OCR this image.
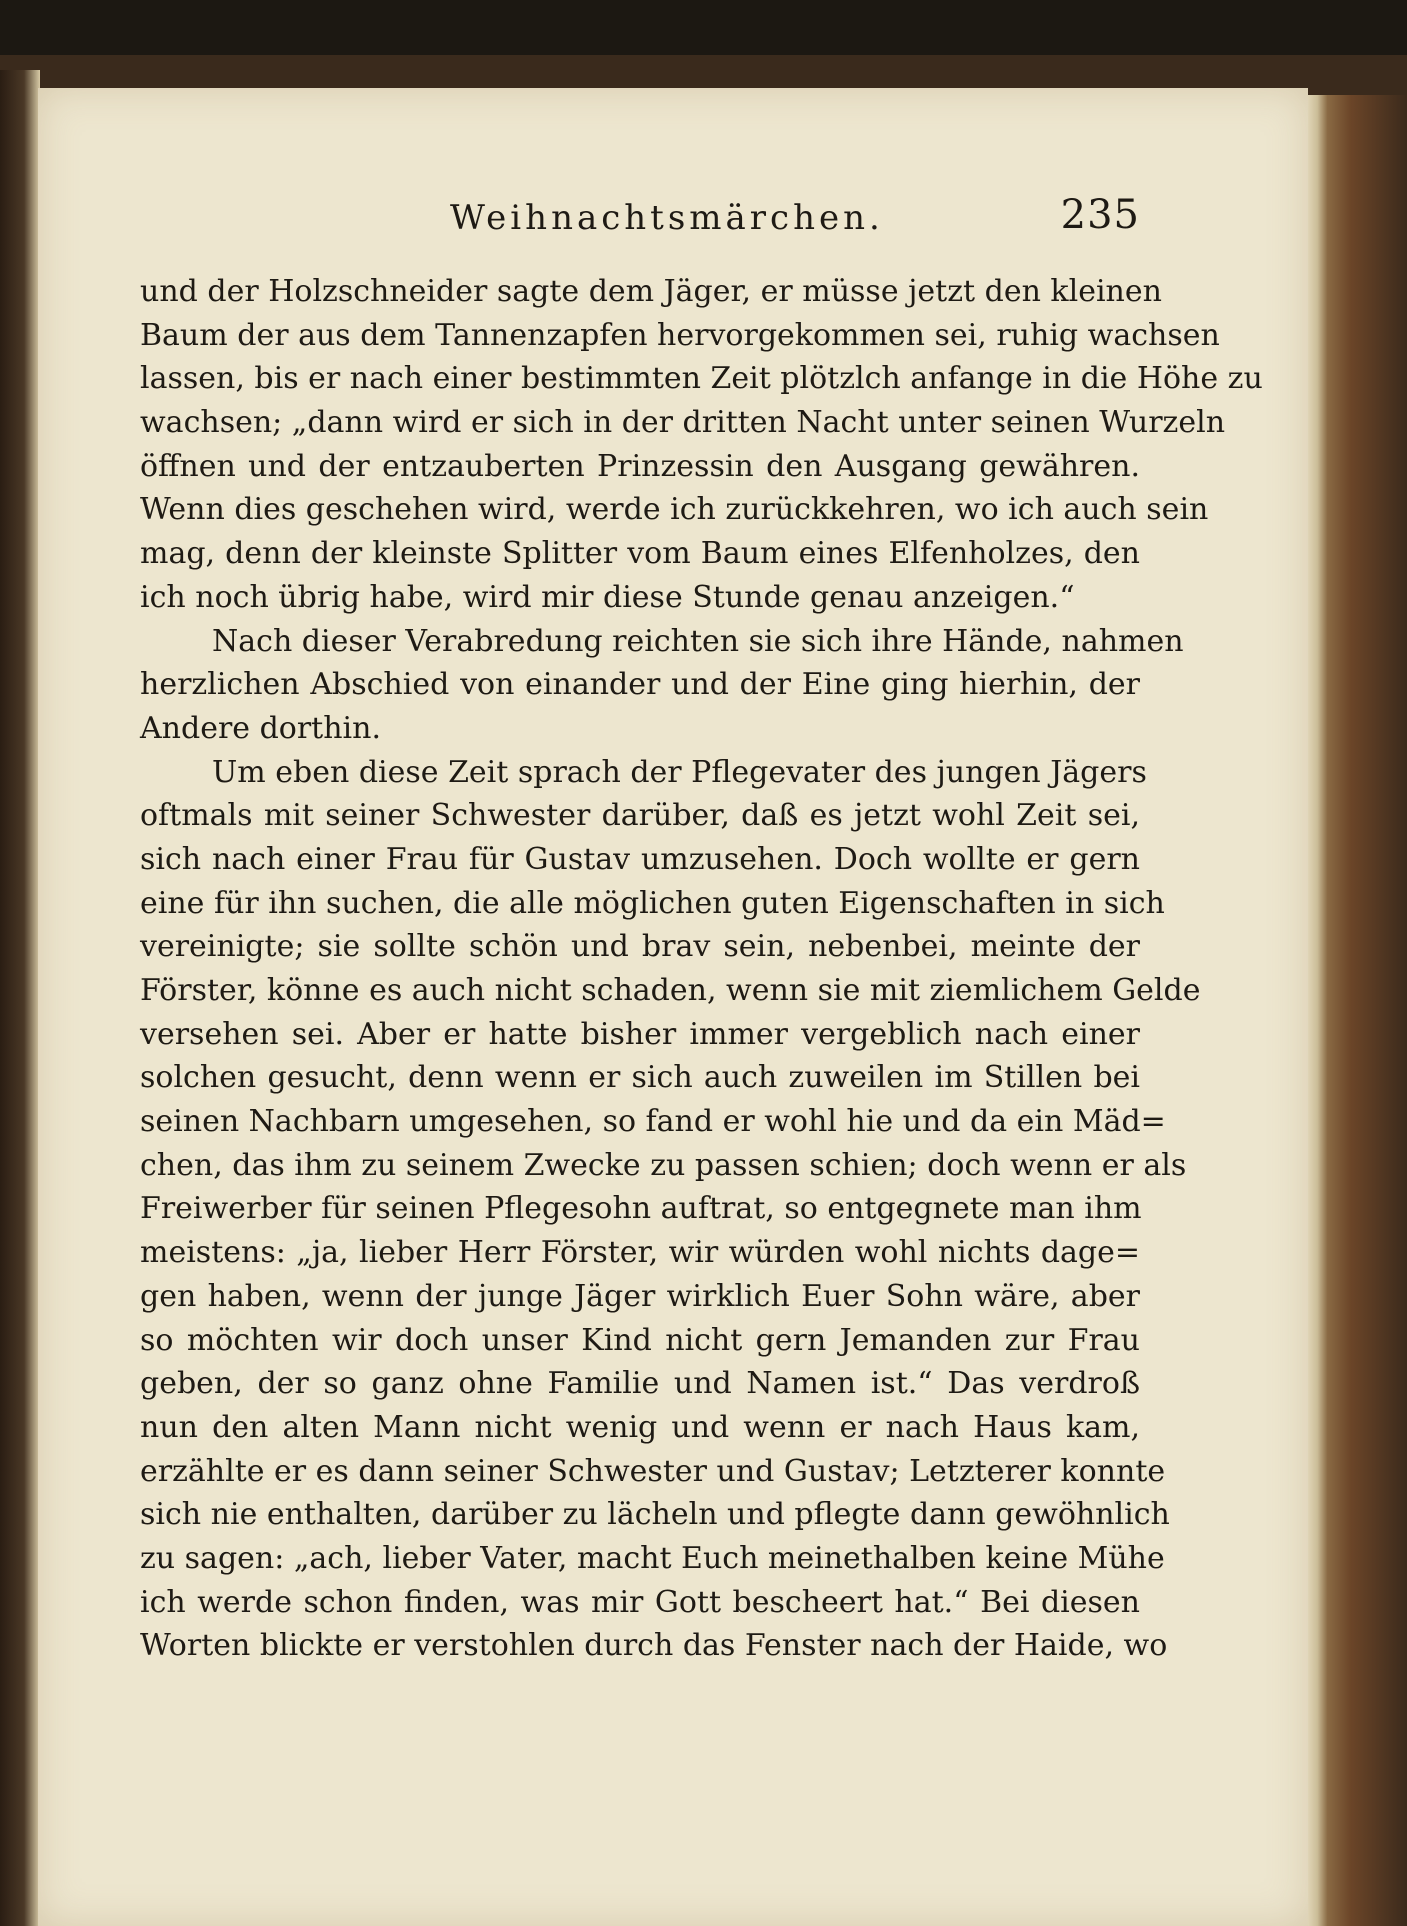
Weihnachtsmärchen.	235
und der Holzschneider sagte dem Jäger, er müsse jetzt den kleinen
Baum der aus dem Tannenzapfen hervorgekommen sei, ruhig wachsen
lassen, bis er nach einer bestimmten Zeit plötzlch anfange in die Höhe zu
wachsen; „dann wird er sich in der dritten Nacht unter seinen Wurzeln
öffnen und der entzauberten Prinzessin den Ausgang gewähren.
Wenn dies geschehen wird, werde ich zurückkehren, wo ich auch sein
mag, denn der kleinste Splitter vom Baum eines Elfenholzes, den
ich noch übrig habe, wird mir diese Stunde genau anzeigen.“
Nach dieser Verabredung reichten sie sich ihre Hände, nahmen
herzlichen Abschied von einander und der Eine ging hierhin, der
Andere dorthin.
Um eben diese Zeit sprach der Pflegevater des jungen Jägers
oftmals mit seiner Schwester darüber, daß es jetzt wohl Zeit sei,
sich nach einer Frau für Gustav umzusehen. Doch wollte er gern
eine für ihn suchen, die alle möglichen guten Eigenschaften in sich
vereinigte; sie sollte schön und brav sein, nebenbei, meinte der
Förster, könne es auch nicht schaden, wenn sie mit ziemlichem Gelde
versehen sei. Aber er hatte bisher immer vergeblich nach einer
solchen gesucht, denn wenn er sich auch zuweilen im Stillen bei
seinen Nachbarn umgesehen, so fand er wohl hie und da ein Mäd=
chen, das ihm zu seinem Zwecke zu passen schien; doch wenn er als
Freiwerber für seinen Pflegesohn auftrat, so entgegnete man ihm
meistens: „ja, lieber Herr Förster, wir würden wohl nichts dage=
gen haben, wenn der junge Jäger wirklich Euer Sohn wäre, aber
so möchten wir doch unser Kind nicht gern Jemanden zur Frau
geben, der so ganz ohne Familie und Namen ist.“ Das verdroß
nun den alten Mann nicht wenig und wenn er nach Haus kam,
erzählte er es dann seiner Schwester und Gustav; Letzterer konnte
sich nie enthalten, darüber zu lächeln und pflegte dann gewöhnlich
zu sagen: „ach, lieber Vater, macht Euch meinethalben keine Mühe
ich werde schon finden, was mir Gott bescheert hat.“ Bei diesen
Worten blickte er verstohlen durch das Fenster nach der Haide, wo
